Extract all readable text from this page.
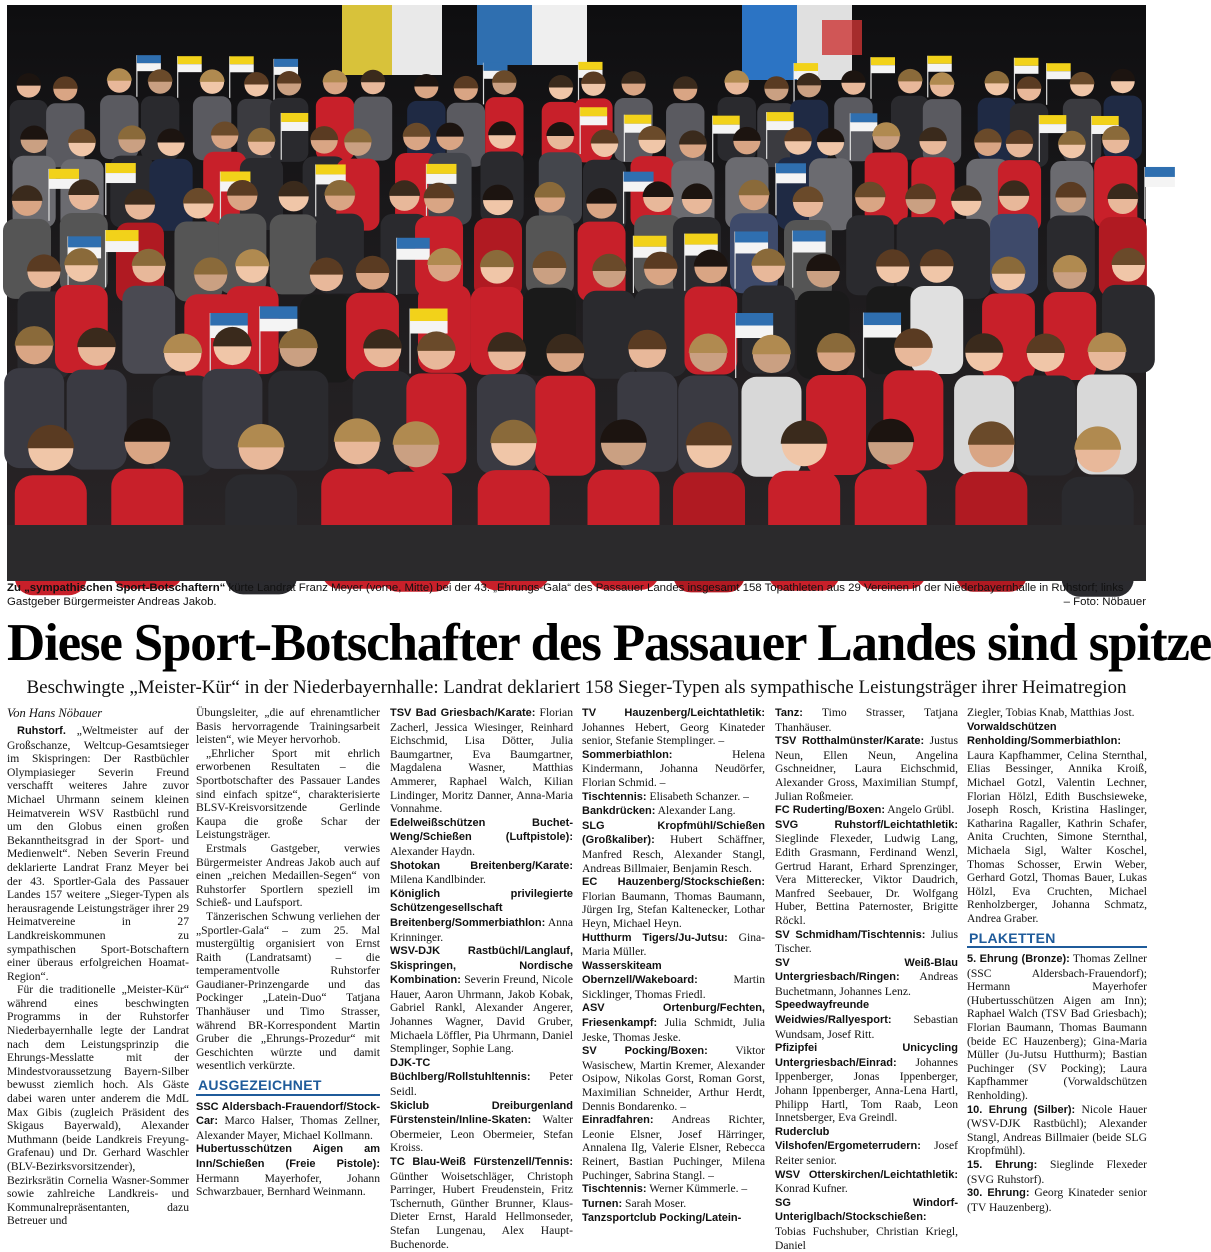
Zu „sympathischen Sport-Botschaftern“ kürte Landrat Franz Meyer (vorne, Mitte) bei der 43. „Ehrungs-Gala“ des Passauer Landes insgesamt 158 Topathleten aus 29 Vereinen in der Niederbayernhalle in Ruhstorf; links Gastgeber Bürgermeister Andreas Jakob.	– Foto: Nöbauer
Diese Sport-Botschafter des Passauer Landes sind spitze
Beschwingte „Meister-Kür“ in der Niederbayernhalle: Landrat deklariert 158 Sieger-Typen als sympathische Leistungsträger ihrer Heimatregion
Von Hans Nöbauer

Ruhstorf. „Weltmeister auf der Großschanze, Weltcup-Gesamtsieger im Skispringen: Der Rastbüchler Olympiasieger Severin Freund verschafft weiteres Jahre zuvor Michael Uhrmann seinem kleinen Heimatverein WSV Rastbüchl rund um den Globus einen großen Bekanntheitsgrad in der Sport- und Medienwelt“. Neben Severin Freund deklarierte Landrat Franz Meyer bei der 43. Sportler-Gala des Passauer Landes 157 weitere „Sieger-Typen als herausragende Leistungsträger ihrer 29 Heimatvereine in 27 Landkreiskommunen zu sympathischen Sport-Botschaftern einer überaus erfolgreichen Hoamat-Region“.

Für die traditionelle „Meister-Kür“ während eines beschwingten Programms in der Ruhstorfer Niederbayernhalle legte der Landrat nach dem Leistungsprinzip die Ehrungs-Messlatte mit der Mindestvoraussetzung Bayern-Silber bewusst ziemlich hoch. Als Gäste dabei waren unter anderem die MdL Max Gibis (zugleich Präsident des Skigaus Bayerwald), Alexander Muthmann (beide Landkreis Freyung-Grafenau) und Dr. Gerhard Waschler (BLV-Bezirksvorsitzender), Bezirksrätin Cornelia Wasner-Sommer sowie zahlreiche Landkreis- und Kommunalrepräsentanten, dazu Betreuer und

Übungsleiter, „die auf ehrenamtlicher Basis hervorragende Trainingsarbeit leisten“, wie Meyer hervorhob.

„Ehrlicher Sport mit ehrlich erworbenen Resultaten – die Sportbotschafter des Passauer Landes sind einfach spitze“, charakterisierte BLSV-Kreisvorsitzende Gerlinde Kaupa die große Schar der Leistungsträger.

Erstmals Gastgeber, verwies Bürgermeister Andreas Jakob auch auf einen „reichen Medaillen-Segen“ von Ruhstorfer Sportlern speziell im Schieß- und Laufsport.

Tänzerischen Schwung verliehen der „Sportler-Gala“ – zum 25. Mal mustergültig organisiert von Ernst Raith (Landratsamt) – die temperamentvolle Ruhstorfer Gaudianer-Prinzengarde und das Pockinger „Latein-Duo“ Tatjana Thanhäuser und Timo Strasser, während BR-Korrespondent Martin Gruber die „Ehrungs-Prozedur“ mit Geschichten würzte und damit wesentlich verkürzte.

AUSGEZEICHNET

SSC Aldersbach-Frauendorf/Stock-Car: Marco Halser, Thomas Zellner, Alexander Mayer, Michael Kollmann.

Hubertusschützen Aigen am Inn/Schießen (Freie Pistole): Hermann Mayerhofer, Johann Schwarzbauer, Bernhard Weinmann.

TSV Bad Griesbach/Karate: Florian Zacherl, Jessica Wiesinger, Reinhard Eichschmid, Lisa Dötter, Julia Baumgartner, Eva Baumgartner, Magdalena Wasner, Matthias Ammerer, Raphael Walch, Kilian Lindinger, Moritz Danner, Anna-Maria Vonnahme.

Edelweißschützen Buchet-Weng/Schießen (Luftpistole): Alexander Haydn.

Shotokan Breitenberg/Karate: Milena Kandlbinder.

Königlich privilegierte Schützengesellschaft Breitenberg/Sommerbiathlon: Anna Krinninger.

WSV-DJK Rastbüchl/Langlauf, Skispringen, Nordische Kombination: Severin Freund, Nicole Hauer, Aaron Uhrmann, Jakob Kobak, Gabriel Rankl, Alexander Angerer, Johannes Wagner, David Gruber, Michaela Löffler, Pia Uhrmann, Daniel Stemplinger, Sophie Lang.

DJK-TC Büchlberg/Rollstuhltennis: Peter Seidl.

Skiclub Dreiburgenland Fürstenstein/Inline-Skaten: Walter Obermeier, Leon Obermeier, Stefan Kroiss.

TC Blau-Weiß Fürstenzell/Tennis: Günther Woisetschläger, Christoph Parringer, Hubert Freudenstein, Fritz Tschernuth, Günther Brunner, Klaus-Dieter Ernst, Harald Hellmonseder, Stefan Lungenau, Alex Haupt-Buchenorde.

TV Hauzenberg/Leichtathletik: Johannes Hebert, Georg Kinateder senior, Stefanie Stemplinger. –

Sommerbiathlon: Helena Kindermann, Johanna Neudörfer, Florian Schmid. –

Tischtennis: Elisabeth Schanzer. –

Bankdrücken: Alexander Lang.

SLG Kropfmühl/Schießen (Großkaliber): Hubert Schäffner, Manfred Resch, Alexander Stangl, Andreas Billmaier, Benjamin Resch.

EC Hauzenberg/Stockschießen: Florian Baumann, Thomas Baumann, Jürgen Irg, Stefan Kaltenecker, Lothar Heyn, Michael Heyn.

Hutthurm Tigers/Ju-Jutsu: Gina-Maria Müller.

Wasserskiteam Obernzell/Wakeboard: Martin Sicklinger, Thomas Friedl.

ASV Ortenburg/Fechten, Friesenkampf: Julia Schmidt, Julia Jeske, Thomas Jeske.

SV Pocking/Boxen: Viktor Wasischew, Martin Kremer, Alexander Osipow, Nikolas Gorst, Roman Gorst, Maximilian Schneider, Arthur Herdt, Dennis Bondarenko. –

Einradfahren: Andreas Richter, Leonie Elsner, Josef Härringer, Annalena Ilg, Valerie Elsner, Rebecca Reinert, Bastian Puchinger, Milena Puchinger, Sabrina Stangl. –

Tischtennis: Werner Kümmerle. –

Turnen: Sarah Moser.

Tanzsportclub Pocking/Latein-

Tanz: Timo Strasser, Tatjana Thanhäuser.

TSV Rotthalmünster/Karate: Justus Neun, Ellen Neun, Angelina Gschneidner, Laura Eichschmid, Alexander Gross, Maximilian Stumpf, Julian Roßmeier.

FC Ruderting/Boxen: Angelo Grübl.

SVG Ruhstorf/Leichtathletik: Sieglinde Flexeder, Ludwig Lang, Edith Grasmann, Ferdinand Wenzl, Gertrud Harant, Erhard Sprenzinger, Vera Mitterecker, Viktor Daudrich, Manfred Seebauer, Dr. Wolfgang Huber, Bettina Paternoster, Brigitte Röckl.

SV Schmidham/Tischtennis: Julius Tischer.

SV Weiß-Blau Untergriesbach/Ringen: Andreas Buchetmann, Johannes Lenz.

Speedwayfreunde Weidwies/Rallyesport: Sebastian Wundsam, Josef Ritt.

Pfizipfei Unicycling Untergriesbach/Einrad: Johannes Ippenberger, Jonas Ippenberger, Johann Ippenberger, Anna-Lena Hartl, Philipp Hartl, Tom Raab, Leon Innetsberger, Eva Greindl.

Ruderclub Vilshofen/Ergometerrudern: Josef Reiter senior.

WSV Otterskirchen/Leichtathletik: Konrad Kufner.

SG Windorf-Unteriglbach/Stockschießen: Tobias Fuchshuber, Christian Kriegl, Daniel

Ziegler, Tobias Knab, Matthias Jost.

Vorwaldschützen Renholding/Sommerbiathlon: Laura Kapfhammer, Celina Sternthal, Elias Bessinger, Annika Kroiß, Michael Gotzl, Valentin Lechner, Florian Hölzl, Edith Buschsieweke, Joseph Rosch, Kristina Haslinger, Katharina Ragaller, Kathrin Schafer, Anita Cruchten, Simone Sternthal, Michaela Sigl, Walter Koschel, Thomas Schosser, Erwin Weber, Gerhard Gotzl, Thomas Bauer, Lukas Hölzl, Eva Cruchten, Michael Renholzberger, Johanna Schmatz, Andrea Graber.

PLAKETTEN

5. Ehrung (Bronze): Thomas Zellner (SSC Aldersbach-Frauendorf); Hermann Mayerhofer (Hubertusschützen Aigen am Inn); Raphael Walch (TSV Bad Griesbach); Florian Baumann, Thomas Baumann (beide EC Hauzenberg); Gina-Maria Müller (Ju-Jutsu Hutthurm); Bastian Puchinger (SV Pocking); Laura Kapfhammer (Vorwaldschützen Renholding).

10. Ehrung (Silber): Nicole Hauer (WSV-DJK Rastbüchl); Alexander Stangl, Andreas Billmaier (beide SLG Kropfmühl).

15. Ehrung: Sieglinde Flexeder (SVG Ruhstorf).

30. Ehrung: Georg Kinateder senior (TV Hauzenberg).
